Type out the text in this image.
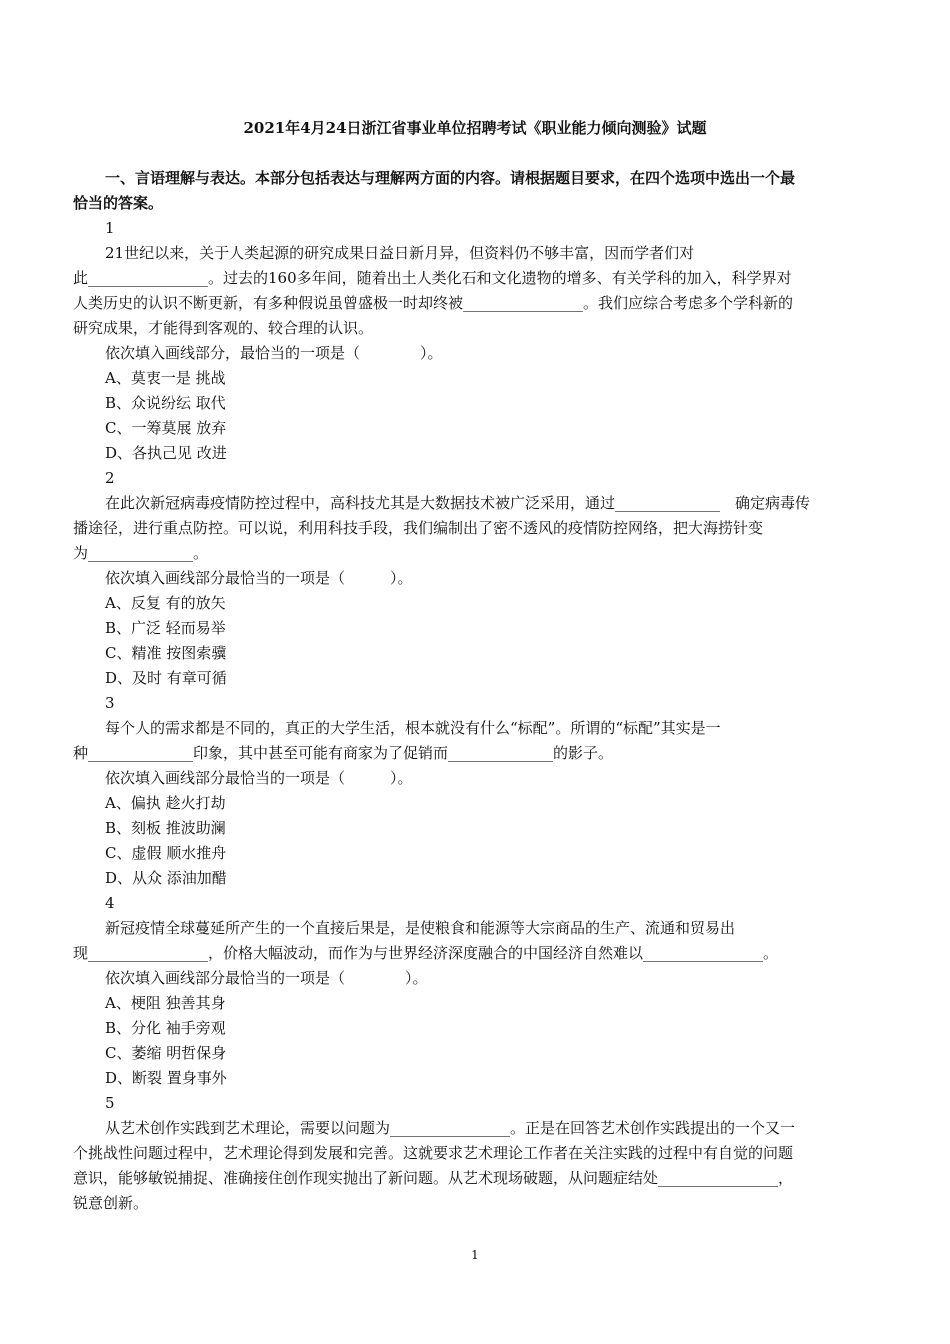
2021年4月24日浙江省事业单位招聘考试《职业能力倾向测验》试题
一、言语理解与表达。本部分包括表达与理解两方面的内容。请根据题目要求，在四个选项中选出一个最
恰当的答案。
1
21世纪以来，关于人类起源的研究成果日益日新月异，但资料仍不够丰富，因而学者们对
此________________。过去的160多年间，随着出土人类化石和文化遗物的增多、有关学科的加入，科学界对
人类历史的认识不断更新，有多种假说虽曾盛极一时却终被________________。我们应综合考虑多个学科新的
研究成果，才能得到客观的、较合理的认识。
依次填入画线部分，最恰当的一项是（　　　　）。
A、莫衷一是 挑战
B、众说纷纭 取代
C、一筹莫展 放弃
D、各执己见 改进
2
在此次新冠病毒疫情防控过程中，高科技尤其是大数据技术被广泛采用，通过______________　确定病毒传
播途径，进行重点防控。可以说，利用科技手段，我们编制出了密不透风的疫情防控网络，把大海捞针变
为______________。
依次填入画线部分最恰当的一项是（　　　）。
A、反复 有的放矢
B、广泛 轻而易举
C、精准 按图索骥
D、及时 有章可循
3
每个人的需求都是不同的，真正的大学生活，根本就没有什么“标配”。所谓的“标配”其实是一
种______________印象，其中甚至可能有商家为了促销而______________的影子。
依次填入画线部分最恰当的一项是（　　　）。
A、偏执 趁火打劫
B、刻板 推波助澜
C、虚假 顺水推舟
D、从众 添油加醋
4
新冠疫情全球蔓延所产生的一个直接后果是，是使粮食和能源等大宗商品的生产、流通和贸易出
现________________，价格大幅波动，而作为与世界经济深度融合的中国经济自然难以________________。
依次填入画线部分最恰当的一项是（　　　　）。
A、梗阻 独善其身
B、分化 袖手旁观
C、萎缩 明哲保身
D、断裂 置身事外
5
从艺术创作实践到艺术理论，需要以问题为________________。正是在回答艺术创作实践提出的一个又一
个挑战性问题过程中，艺术理论得到发展和完善。这就要求艺术理论工作者在关注实践的过程中有自觉的问题
意识，能够敏锐捕捉、准确接住创作现实抛出了新问题。从艺术现场破题，从问题症结处________________，
锐意创新。
1
